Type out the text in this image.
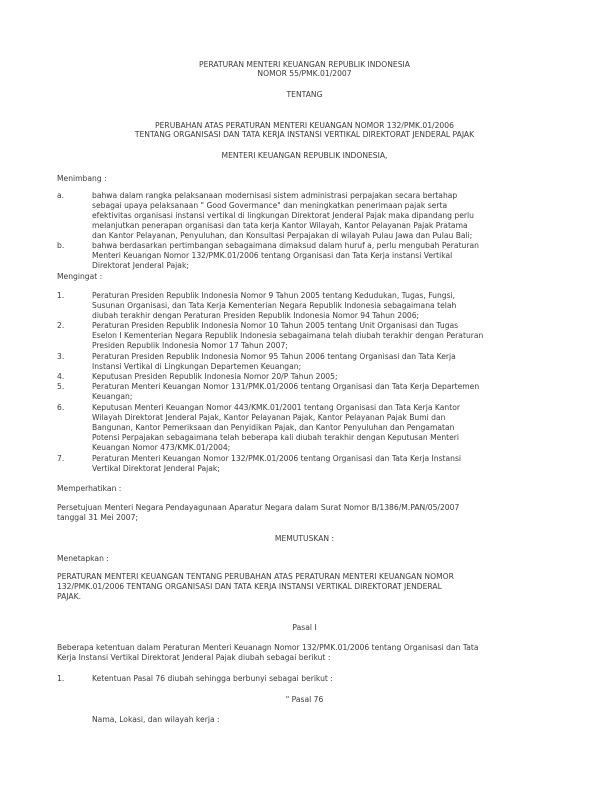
PERATURAN MENTERI KEUANGAN REPUBLIK INDONESIA
NOMOR 55/PMK.01/2007
TENTANG
PERUBAHAN ATAS PERATURAN MENTERI KEUANGAN NOMOR 132/PMK.01/2006
TENTANG ORGANISASI DAN TATA KERJA INSTANSI VERTIKAL DIREKTORAT JENDERAL PAJAK
MENTERI KEUANGAN REPUBLIK INDONESIA,
Menimbang :
a.	bahwa dalam rangka pelaksanaan modernisasi sistem administrasi perpajakan secara bertahap
sebagai upaya pelaksanaan " Good Govermance" dan meningkatkan penerimaan pajak serta
efektivitas organisasi instansi vertikal di lingkungan Direktorat Jenderal Pajak maka dipandang perlu
melanjutkan penerapan organisasi dan tata kerja Kantor Wilayah, Kantor Pelayanan Pajak Pratama
dan Kantor Pelayanan, Penyuluhan, dan Konsultasi Perpajakan di wilayah Pulau Jawa dan Pulau Bali;
b.	bahwa berdasarkan pertimbangan sebagaimana dimaksud dalam huruf a, perlu mengubah Peraturan
Menteri Keuangan Nomor 132/PMK.01/2006 tentang Organisasi dan Tata Kerja instansi Vertikal
Direktorat Jenderal Pajak;
Mengingat :
1.	Peraturan Presiden Republik Indonesia Nomor 9 Tahun 2005 tentang Kedudukan, Tugas, Fungsi,
Susunan Organisasi, dan Tata Kerja Kementerian Negara Republik Indonesia sebagaimana telah
diubah terakhir dengan Peraturan Presiden Republik Indonesia Nomor 94 Tahun 2006;
2.	Peraturan Presiden Republik Indonesia Nomor 10 Tahun 2005 tentang Unit Organisasi dan Tugas
Eselon I Kementerian Negara Republik Indonesia sebagaimana telah diubah terakhir dengan Peraturan
Presiden Republik Indonesia Nomor 17 Tahun 2007;
3.	Peraturan Presiden Republik Indonesia Nomor 95 Tahun 2006 tentang Organisasi dan Tata Kerja
Instansi Vertikal di Lingkungan Departemen Keuangan;
4.	Keputusan Presiden Republik Indonesia Nomor 20/P Tahun 2005;
5.	Peraturan Menteri Keuangan Nomor 131/PMK.01/2006 tentang Organisasi dan Tata Kerja Departemen
Keuangan;
6.	Keputusan Menteri Keuangan Nomor 443/KMK.01/2001 tentang Organisasi dan Tata Kerja Kantor
Wilayah Direktorat Jenderal Pajak, Kantor Pelayanan Pajak, Kantor Pelayanan Pajak Bumi dan
Bangunan, Kantor Pemeriksaan dan Penyidikan Pajak, dan Kantor Penyuluhan dan Pengamatan
Potensi Perpajakan sebagaimana telah beberapa kali diubah terakhir dengan Keputusan Menteri
Keuangan Nomor 473/KMK.01/2004;
7.	Peraturan Menteri Keuangan Nomor 132/PMK.01/2006 tentang Organisasi dan Tata Kerja Instansi
Vertikal Direktorat Jenderal Pajak;
Memperhatikan :
Persetujuan Menteri Negara Pendayagunaan Aparatur Negara dalam Surat Nomor B/1386/M.PAN/05/2007
tanggal 31 Mei 2007;
MEMUTUSKAN :
Menetapkan :
PERATURAN MENTERI KEUANGAN TENTANG PERUBAHAN ATAS PERATURAN MENTERI KEUANGAN NOMOR
132/PMK.01/2006 TENTANG ORGANISASI DAN TATA KERJA INSTANSI VERTIKAL DIREKTORAT JENDERAL
PAJAK.
Pasal I
Beberapa ketentuan dalam Peraturan Menteri Keuanagn Nomor 132/PMK.01/2006 tentang Organisasi dan Tata
Kerja Instansi Vertikal Direktorat Jenderal Pajak diubah sebagai berikut :
1.	Ketentuan Pasal 76 diubah sehingga berbunyi sebagai berikut :
" Pasal 76
Nama, Lokasi, dan wilayah kerja :
